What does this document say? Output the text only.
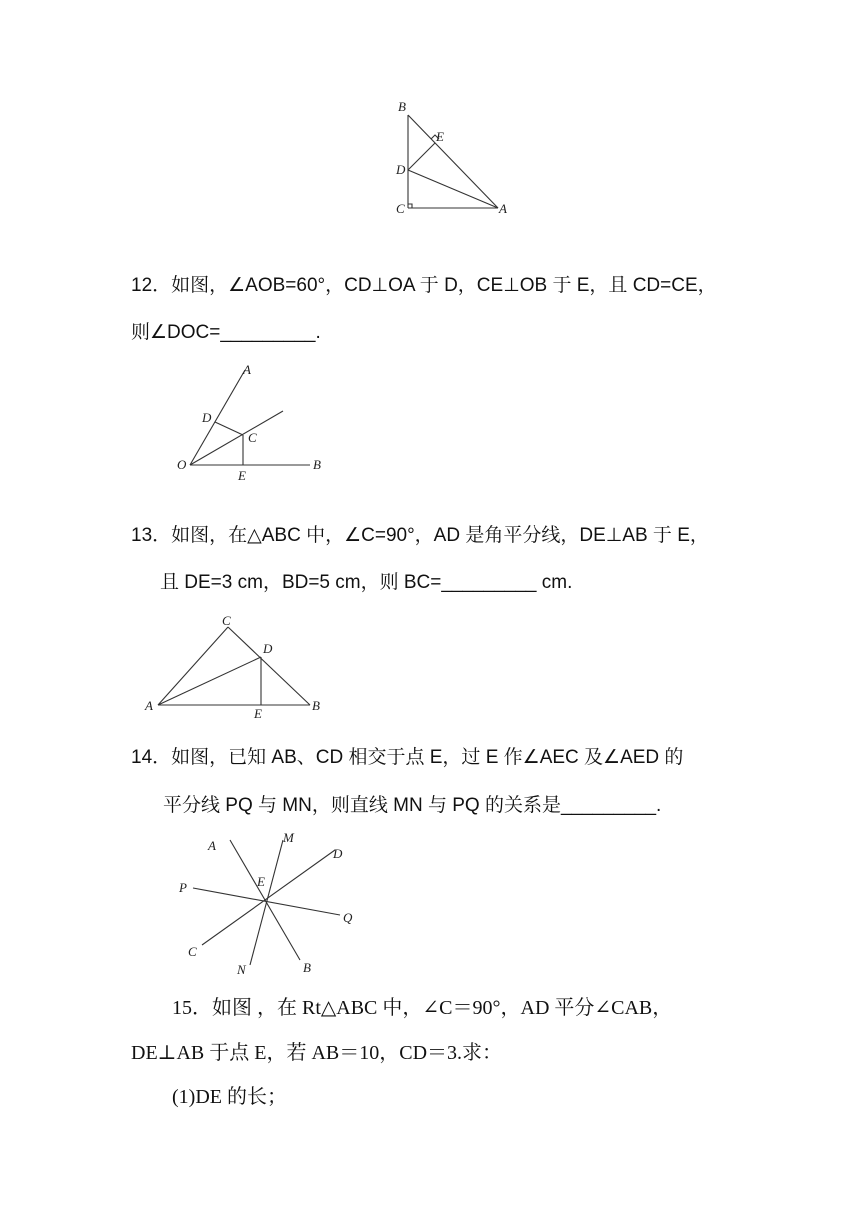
B
E
D
C	A
12．如图，∠AOB=60°，CD⊥OA 于 D，CE⊥OB 于 E，且 CD=CE，
则∠DOC=_________.
A
D
C
O
E
B
13．如图，在△ABC 中，∠C=90°，AD 是角平分线，DE⊥AB 于 E，
且 DE=3 cm，BD=5 cm，则 BC=_________ cm.
C
D
A
E
B
14．如图，已知 AB、CD 相交于点 E，过 E 作∠AEC 及∠AED 的
平分线 PQ 与 MN，则直线 MN 与 PQ 的关系是_________.
A
M
D
P	E
Q
C
N	B
15．如图 ，在 Rt△ABC 中，∠C＝90°，AD 平分∠CAB，
DE⊥AB 于点 E，若 AB＝10，CD＝3.求：
(1)DE 的长；
